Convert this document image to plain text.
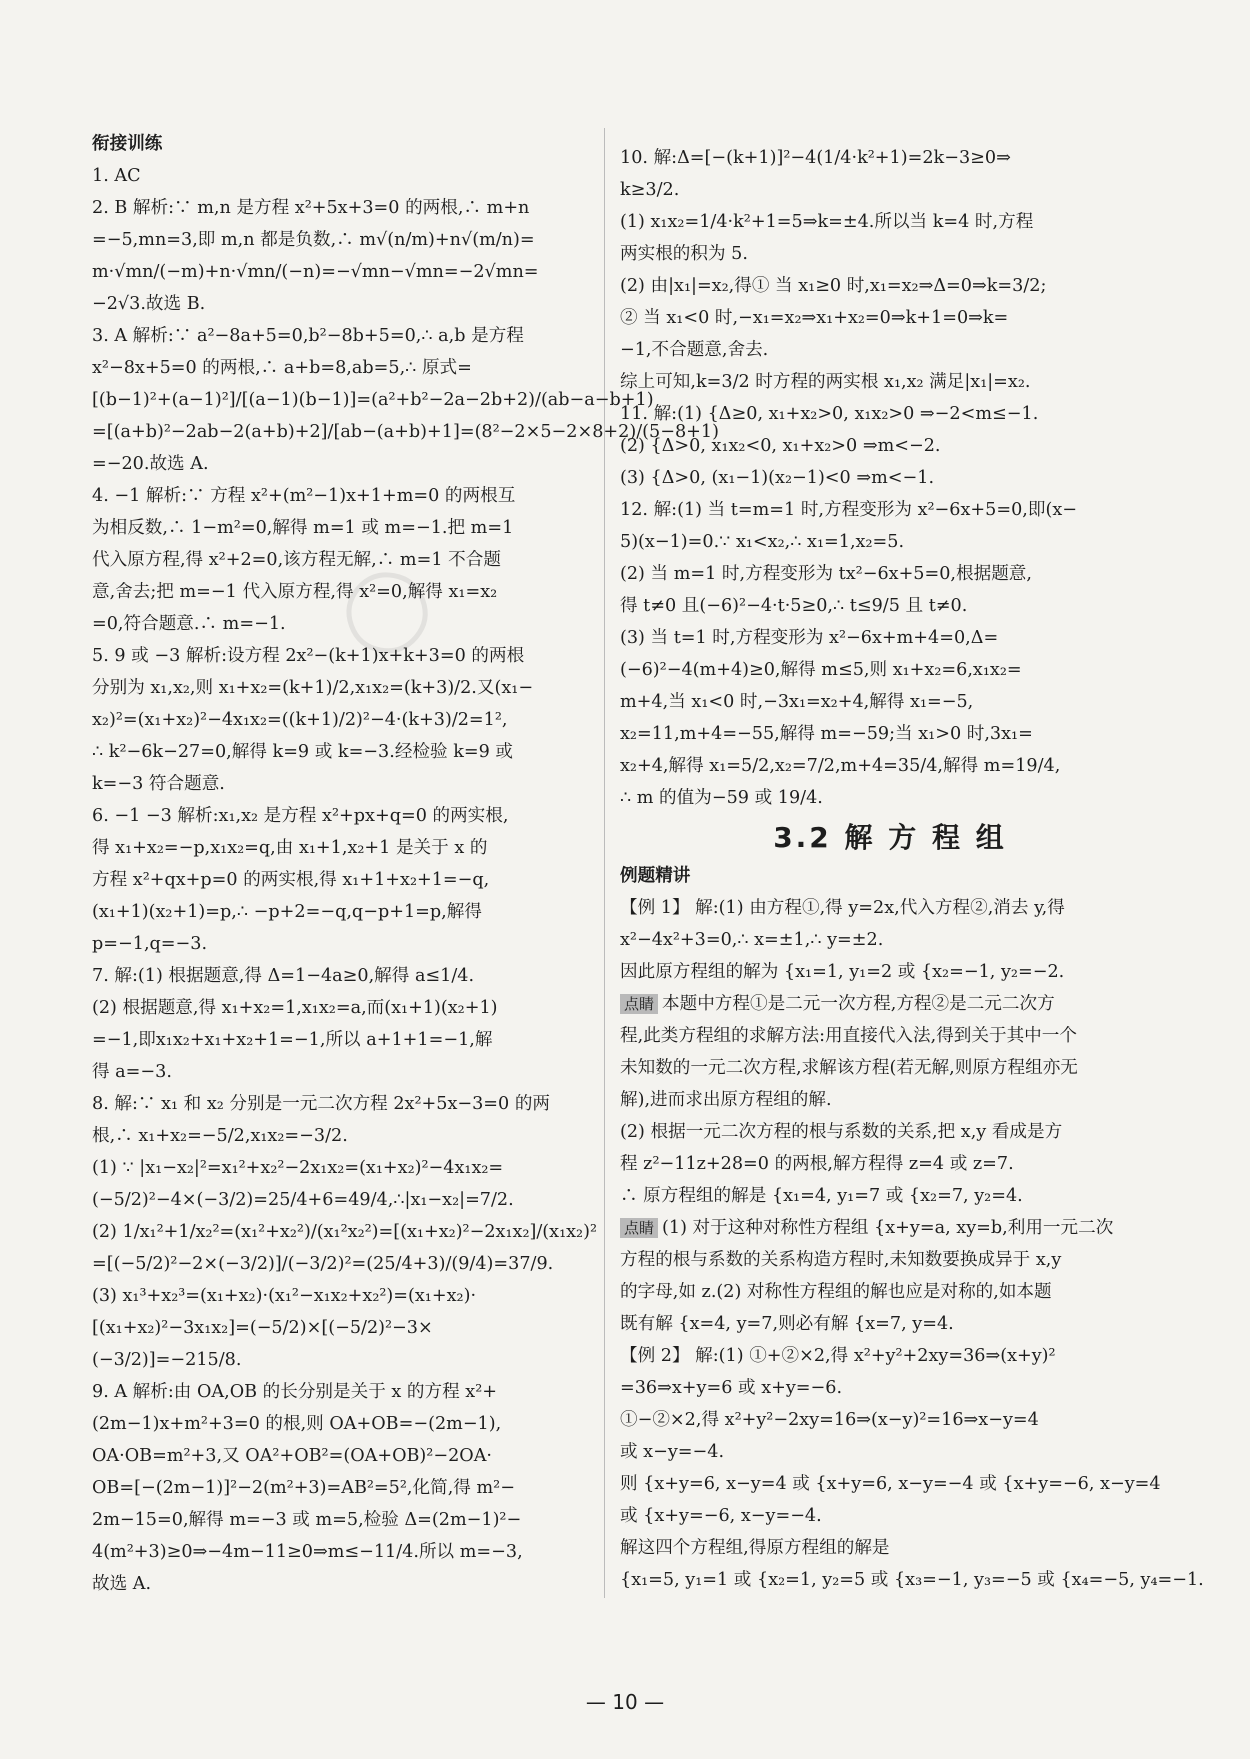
衔接训练
1. AC
2. B 解析:∵ m,n 是方程 x²+5x+3=0 的两根,∴ m+n
=−5,mn=3,即 m,n 都是负数,∴ m√(n/m)+n√(m/n)=
m·√mn/(−m)+n·√mn/(−n)=−√mn−√mn=−2√mn=
−2√3.故选 B.
3. A 解析:∵ a²−8a+5=0,b²−8b+5=0,∴ a,b 是方程
x²−8x+5=0 的两根,∴ a+b=8,ab=5,∴ 原式=
[(b−1)²+(a−1)²]/[(a−1)(b−1)]=(a²+b²−2a−2b+2)/(ab−a−b+1)
=[(a+b)²−2ab−2(a+b)+2]/[ab−(a+b)+1]=(8²−2×5−2×8+2)/(5−8+1)
=−20.故选 A.
4. −1 解析:∵ 方程 x²+(m²−1)x+1+m=0 的两根互
为相反数,∴ 1−m²=0,解得 m=1 或 m=−1.把 m=1
代入原方程,得 x²+2=0,该方程无解,∴ m=1 不合题
意,舍去;把 m=−1 代入原方程,得 x²=0,解得 x₁=x₂
=0,符合题意.∴ m=−1.
5. 9 或 −3 解析:设方程 2x²−(k+1)x+k+3=0 的两根
分别为 x₁,x₂,则 x₁+x₂=(k+1)/2,x₁x₂=(k+3)/2.又(x₁−
x₂)²=(x₁+x₂)²−4x₁x₂=((k+1)/2)²−4·(k+3)/2=1²,
∴ k²−6k−27=0,解得 k=9 或 k=−3.经检验 k=9 或
k=−3 符合题意.
6. −1 −3 解析:x₁,x₂ 是方程 x²+px+q=0 的两实根,
得 x₁+x₂=−p,x₁x₂=q,由 x₁+1,x₂+1 是关于 x 的
方程 x²+qx+p=0 的两实根,得 x₁+1+x₂+1=−q,
(x₁+1)(x₂+1)=p,∴ −p+2=−q,q−p+1=p,解得
p=−1,q=−3.
7. 解:(1) 根据题意,得 Δ=1−4a≥0,解得 a≤1/4.
(2) 根据题意,得 x₁+x₂=1,x₁x₂=a,而(x₁+1)(x₂+1)
=−1,即x₁x₂+x₁+x₂+1=−1,所以 a+1+1=−1,解
得 a=−3.
8. 解:∵ x₁ 和 x₂ 分别是一元二次方程 2x²+5x−3=0 的两
根,∴ x₁+x₂=−5/2,x₁x₂=−3/2.
(1) ∵ |x₁−x₂|²=x₁²+x₂²−2x₁x₂=(x₁+x₂)²−4x₁x₂=
(−5/2)²−4×(−3/2)=25/4+6=49/4,∴|x₁−x₂|=7/2.
(2) 1/x₁²+1/x₂²=(x₁²+x₂²)/(x₁²x₂²)=[(x₁+x₂)²−2x₁x₂]/(x₁x₂)²
=[(−5/2)²−2×(−3/2)]/(−3/2)²=(25/4+3)/(9/4)=37/9.
(3) x₁³+x₂³=(x₁+x₂)·(x₁²−x₁x₂+x₂²)=(x₁+x₂)·
[(x₁+x₂)²−3x₁x₂]=(−5/2)×[(−5/2)²−3×
(−3/2)]=−215/8.
9. A 解析:由 OA,OB 的长分别是关于 x 的方程 x²+
(2m−1)x+m²+3=0 的根,则 OA+OB=−(2m−1),
OA·OB=m²+3,又 OA²+OB²=(OA+OB)²−2OA·
OB=[−(2m−1)]²−2(m²+3)=AB²=5²,化简,得 m²−
2m−15=0,解得 m=−3 或 m=5,检验 Δ=(2m−1)²−
4(m²+3)≥0⇒−4m−11≥0⇒m≤−11/4.所以 m=−3,
故选 A.
10. 解:Δ=[−(k+1)]²−4(1/4·k²+1)=2k−3≥0⇒
k≥3/2.
(1) x₁x₂=1/4·k²+1=5⇒k=±4.所以当 k=4 时,方程
两实根的积为 5.
(2) 由|x₁|=x₂,得① 当 x₁≥0 时,x₁=x₂⇒Δ=0⇒k=3/2;
② 当 x₁<0 时,−x₁=x₂⇒x₁+x₂=0⇒k+1=0⇒k=
−1,不合题意,舍去.
综上可知,k=3/2 时方程的两实根 x₁,x₂ 满足|x₁|=x₂.
11. 解:(1) {Δ≥0, x₁+x₂>0, x₁x₂>0 ⇒−2<m≤−1.
(2) {Δ>0, x₁x₂<0, x₁+x₂>0 ⇒m<−2.
(3) {Δ>0, (x₁−1)(x₂−1)<0 ⇒m<−1.
12. 解:(1) 当 t=m=1 时,方程变形为 x²−6x+5=0,即(x−
5)(x−1)=0.∵ x₁<x₂,∴ x₁=1,x₂=5.
(2) 当 m=1 时,方程变形为 tx²−6x+5=0,根据题意,
得 t≠0 且(−6)²−4·t·5≥0,∴ t≤9/5 且 t≠0.
(3) 当 t=1 时,方程变形为 x²−6x+m+4=0,Δ=
(−6)²−4(m+4)≥0,解得 m≤5,则 x₁+x₂=6,x₁x₂=
m+4,当 x₁<0 时,−3x₁=x₂+4,解得 x₁=−5,
x₂=11,m+4=−55,解得 m=−59;当 x₁>0 时,3x₁=
x₂+4,解得 x₁=5/2,x₂=7/2,m+4=35/4,解得 m=19/4,
∴ m 的值为−59 或 19/4.
3.2 解 方 程 组
例题精讲
【例 1】 解:(1) 由方程①,得 y=2x,代入方程②,消去 y,得
x²−4x²+3=0,∴ x=±1,∴ y=±2.
因此原方程组的解为 {x₁=1, y₁=2 或 {x₂=−1, y₂=−2.
点睛 本题中方程①是二元一次方程,方程②是二元二次方
程,此类方程组的求解方法:用直接代入法,得到关于其中一个
未知数的一元二次方程,求解该方程(若无解,则原方程组亦无
解),进而求出原方程组的解.
(2) 根据一元二次方程的根与系数的关系,把 x,y 看成是方
程 z²−11z+28=0 的两根,解方程得 z=4 或 z=7.
∴ 原方程组的解是 {x₁=4, y₁=7 或 {x₂=7, y₂=4.
点睛 (1) 对于这种对称性方程组 {x+y=a, xy=b,利用一元二次
方程的根与系数的关系构造方程时,未知数要换成异于 x,y
的字母,如 z.(2) 对称性方程组的解也应是对称的,如本题
既有解 {x=4, y=7,则必有解 {x=7, y=4.
【例 2】 解:(1) ①+②×2,得 x²+y²+2xy=36⇒(x+y)²
=36⇒x+y=6 或 x+y=−6.
①−②×2,得 x²+y²−2xy=16⇒(x−y)²=16⇒x−y=4
或 x−y=−4.
则 {x+y=6, x−y=4 或 {x+y=6, x−y=−4 或 {x+y=−6, x−y=4
或 {x+y=−6, x−y=−4.
解这四个方程组,得原方程组的解是
{x₁=5, y₁=1 或 {x₂=1, y₂=5 或 {x₃=−1, y₃=−5 或 {x₄=−5, y₄=−1.
◯
— 10 —
